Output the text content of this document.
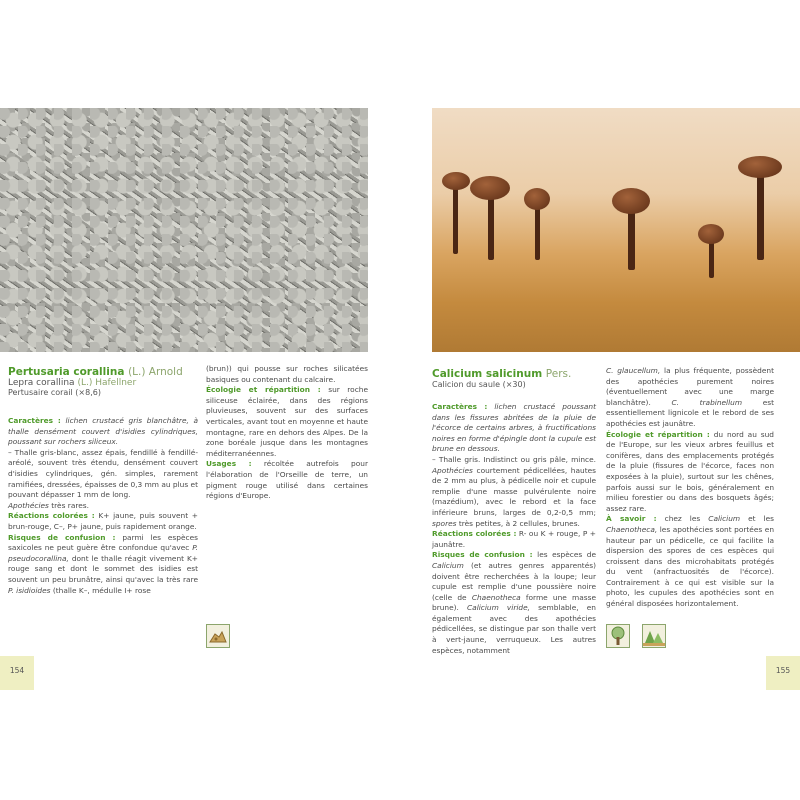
Pertusaria corallina (L.) Arnold
Lepra corallina (L.) Hafellner
Pertusaire corail (×8,6)

Caractères : lichen crustacé gris blanchâtre, à thalle densément couvert d'isidies cylindriques, poussant sur rochers siliceux.

– Thalle gris-blanc, assez épais, fendillé à fendillé-aréolé, souvent très étendu, densément couvert d'isidies cylindriques, gén. simples, rarement ramifiées, dressées, épaisses de 0,3 mm au plus et pouvant dépasser 1 mm de long.

Apothécies très rares.

Réactions colorées : K+ jaune, puis souvent + brun-rouge, C–, P+ jaune, puis rapidement orange.

Risques de confusion : parmi les espèces saxicoles ne peut guère être confondue qu'avec P. pseudocorallina, dont le thalle réagit vivement K+ rouge sang et dont le sommet des isidies est souvent un peu brunâtre, ainsi qu'avec la très rare P. isidioides (thalle K–, médulle I+ rose

(brun)) qui pousse sur roches silicatées basiques ou contenant du calcaire.

Écologie et répartition : sur roche siliceuse éclairée, dans des régions pluvieuses, souvent sur des surfaces verticales, avant tout en moyenne et haute montagne, rare en dehors des Alpes. De la zone boréale jusque dans les montagnes méditerranéennes.

Usages : récoltée autrefois pour l'élaboration de l'Orseille de terre, un pigment rouge utilisé dans certaines régions d'Europe.

154
Calicium salicinum Pers.
Calicion du saule (×30)

Caractères : lichen crustacé poussant dans les fissures abritées de la pluie de l'écorce de certains arbres, à fructifications noires en forme d'épingle dont la cupule est brune en dessous.

– Thalle gris. Indistinct ou gris pâle, mince. Apothécies courtement pédicellées, hautes de 2 mm au plus, à pédicelle noir et cupule remplie d'une masse pulvérulente noire (mazédium), avec le rebord et la face inférieure bruns, larges de 0,2-0,5 mm; spores très petites, à 2 cellules, brunes.

Réactions colorées : R- ou K + rouge, P + jaunâtre.

Risques de confusion : les espèces de Calicium (et autres genres apparentés) doivent être recherchées à la loupe; leur cupule est remplie d'une poussière noire (celle de Chaenotheca forme une masse brune). Calicium viride, semblable, en également avec des apothécies pédicellées, se distingue par son thalle vert à vert-jaune, verruqueux. Les autres espèces, notamment

C. glaucellum, la plus fréquente, possèdent des apothécies purement noires (éventuellement avec une marge blanchâtre).	C. trabinellum	est essentiellement lignicole et le rebord de ses apothécies est jaunâtre.

Écologie et répartition : du nord au sud de l'Europe, sur les vieux arbres feuillus et conifères, dans des emplacements protégés de la pluie (fissures de l'écorce, faces non exposées à la pluie), surtout sur les chênes, parfois aussi sur le bois, généralement en milieu forestier ou dans des bosquets âgés; assez rare.

À savoir : chez les Calicium et les Chaenotheca, les apothécies sont portées en hauteur par un pédicelle, ce qui facilite la dispersion des spores de ces espèces qui croissent dans des microhabitats protégés du vent (anfractuosités de l'écorce). Contrairement à ce qui est visible sur la photo, les cupules des apothécies sont en général disposées horizontalement.

155
